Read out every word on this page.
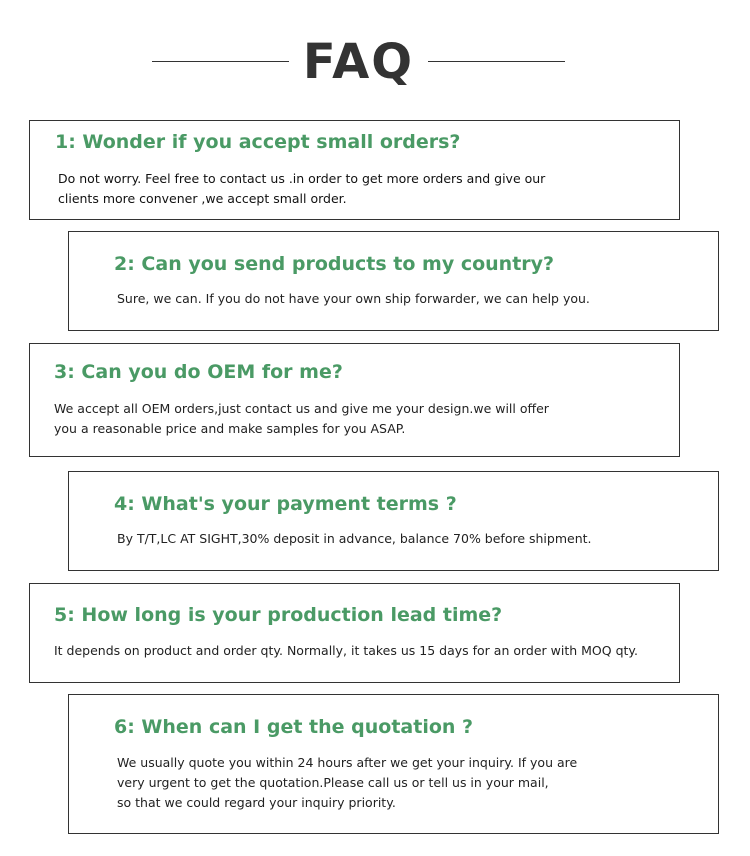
FAQ
1: Wonder if you accept small orders?

Do not worry. Feel free to contact us .in order to get more orders and give our
clients more convener ,we accept small order.

2: Can you send products to my country?

Sure, we can. If you do not have your own ship forwarder, we can help you.

3: Can you do OEM for me?

We accept all OEM orders,just contact us and give me your design.we will offer
you a reasonable price and make samples for you ASAP.

4: What's your payment terms ?

By T/T,LC AT SIGHT,30% deposit in advance, balance 70% before shipment.

5: How long is your production lead time?

It depends on product and order qty. Normally, it takes us 15 days for an order with MOQ qty.

6: When can I get the quotation ?

We usually quote you within 24 hours after we get your inquiry. If you are
very urgent to get the quotation.Please call us or tell us in your mail,
so that we could regard your inquiry priority.
